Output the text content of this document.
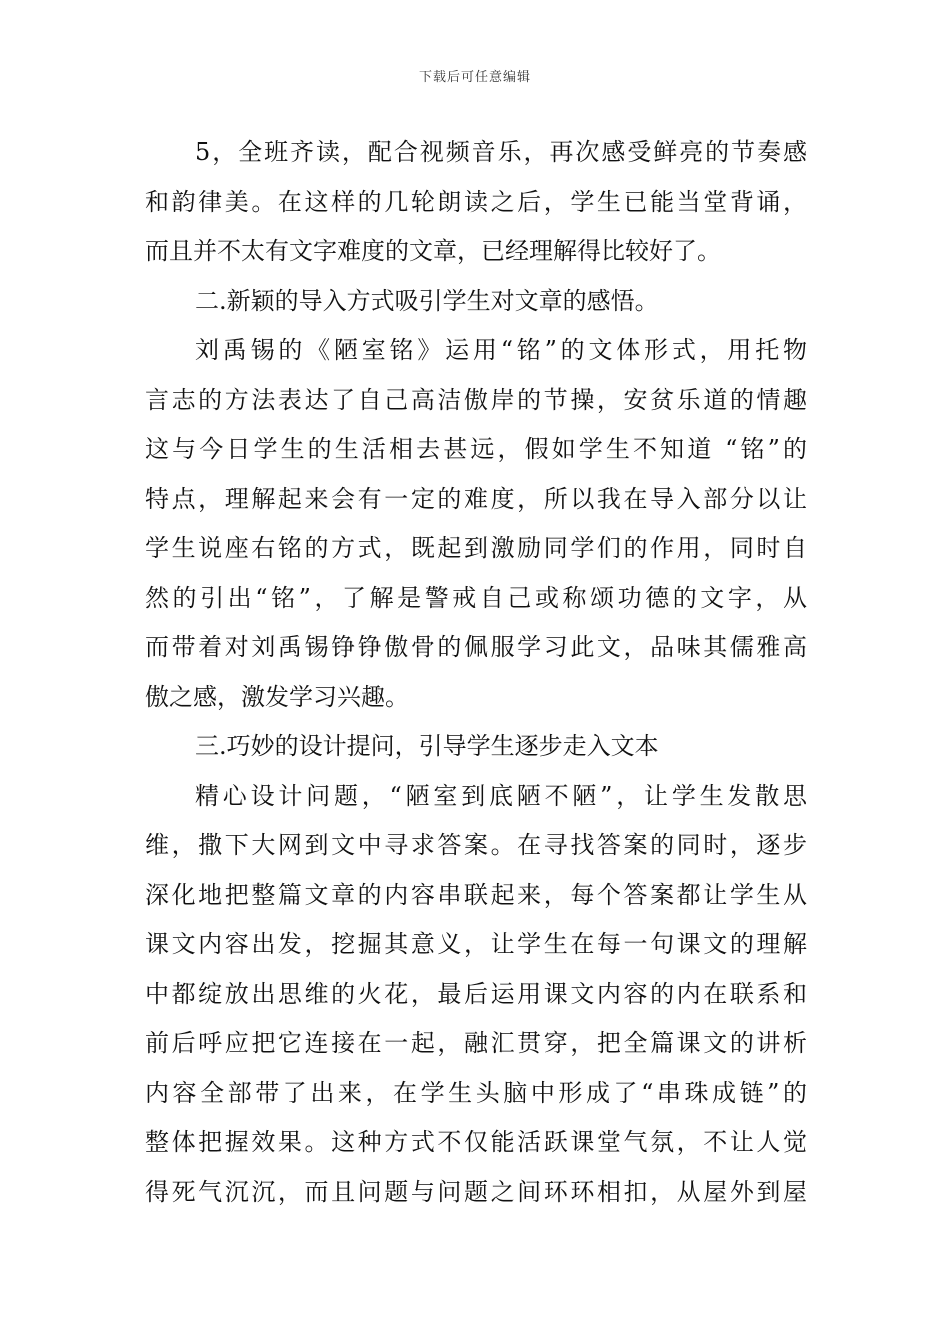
下载后可任意编辑
5，全班齐读，配合视频音乐，再次感受鲜亮的节奏感
和韵律美。在这样的几轮朗读之后，学生已能当堂背诵，
而且并不太有文字难度的文章，已经理解得比较好了。
二.新颖的导入方式吸引学生对文章的感悟。
刘禹锡的《陋室铭》运用“铭”的文体形式，用托物
言志的方法表达了自己高洁傲岸的节操，安贫乐道的情趣
这与今日学生的生活相去甚远，假如学生不知道 “铭”的
特点，理解起来会有一定的难度，所以我在导入部分以让
学生说座右铭的方式，既起到激励同学们的作用，同时自
然的引出“铭”，了解是警戒自己或称颂功德的文字，从
而带着对刘禹锡铮铮傲骨的佩服学习此文，品味其儒雅高
傲之感，激发学习兴趣。
三.巧妙的设计提问，引导学生逐步走入文本
精心设计问题，“陋室到底陋不陋”，让学生发散思
维，撒下大网到文中寻求答案。在寻找答案的同时，逐步
深化地把整篇文章的内容串联起来，每个答案都让学生从
课文内容出发，挖掘其意义，让学生在每一句课文的理解
中都绽放出思维的火花，最后运用课文内容的内在联系和
前后呼应把它连接在一起，融汇贯穿，把全篇课文的讲析
内容全部带了出来，在学生头脑中形成了“串珠成链”的
整体把握效果。这种方式不仅能活跃课堂气氛，不让人觉
得死气沉沉，而且问题与问题之间环环相扣，从屋外到屋
